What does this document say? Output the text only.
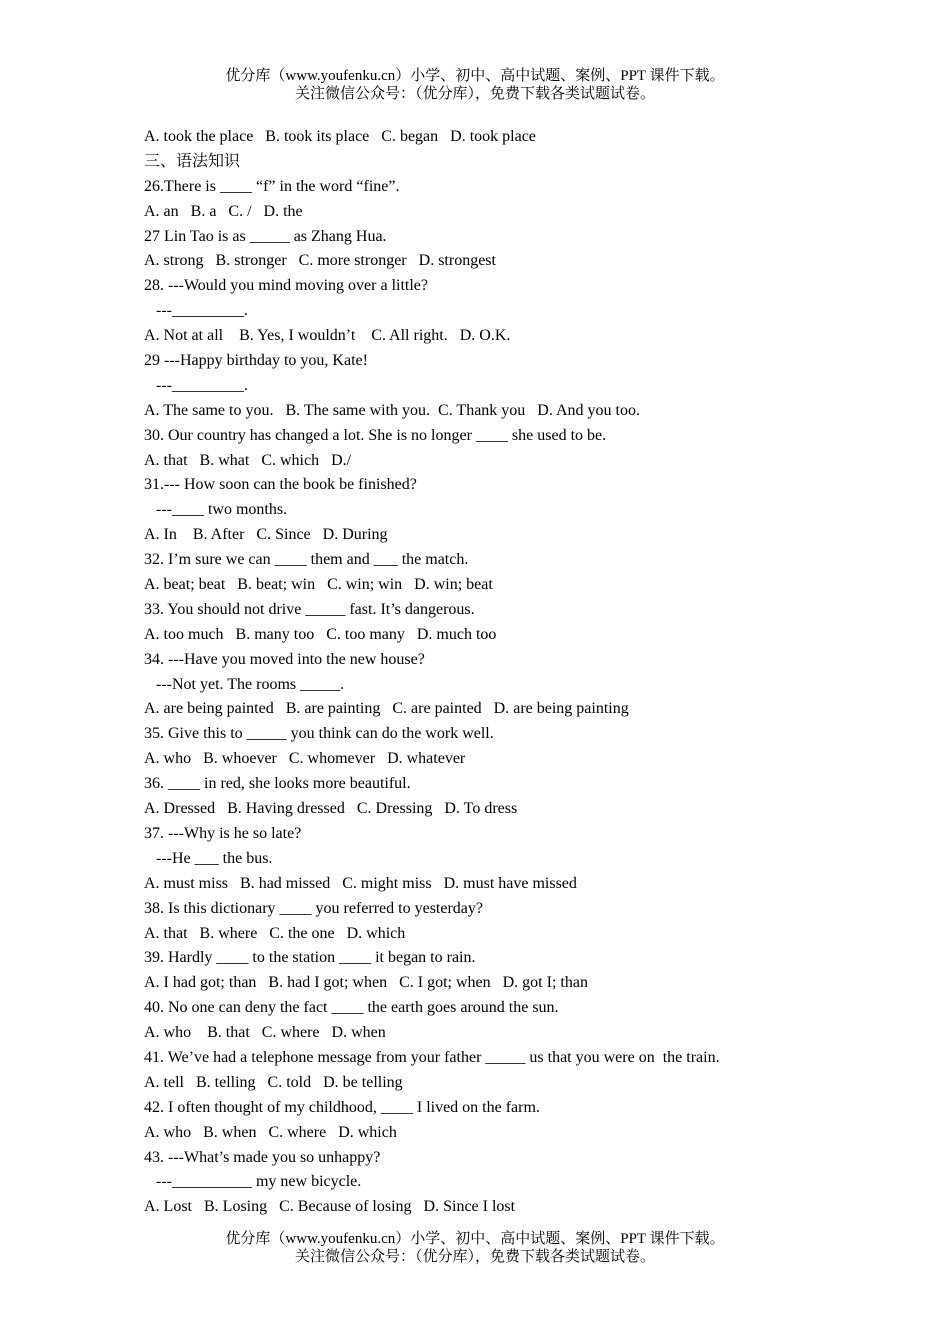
优分库（www.youfenku.cn）小学、初中、高中试题、案例、PPT 课件下载。
关注微信公众号：（优分库），免费下载各类试题试卷。
A. took the place   B. took its place   C. began   D. took place
三、语法知识
26.There is ____ “f” in the word “fine”.
A. an   B. a   C. /   D. the
27 Lin Tao is as _____ as Zhang Hua.
A. strong   B. stronger   C. more stronger   D. strongest
28. ---Would you mind moving over a little?
---_________.
A. Not at all    B. Yes, I wouldn’t    C. All right.   D. O.K.
29 ---Happy birthday to you, Kate!
---_________.
A. The same to you.   B. The same with you.  C. Thank you   D. And you too.
30. Our country has changed a lot. She is no longer ____ she used to be.
A. that   B. what   C. which   D./
31.--- How soon can the book be finished?
---____ two months.
A. In    B. After   C. Since   D. During
32. I’m sure we can ____ them and ___ the match.
A. beat; beat   B. beat; win   C. win; win   D. win; beat
33. You should not drive _____ fast. It’s dangerous.
A. too much   B. many too   C. too many   D. much too
34. ---Have you moved into the new house?
---Not yet. The rooms _____.
A. are being painted   B. are painting   C. are painted   D. are being painting
35. Give this to _____ you think can do the work well.
A. who   B. whoever   C. whomever   D. whatever
36. ____ in red, she looks more beautiful.
A. Dressed   B. Having dressed   C. Dressing   D. To dress
37. ---Why is he so late?
---He ___ the bus.
A. must miss   B. had missed   C. might miss   D. must have missed
38. Is this dictionary ____ you referred to yesterday?
A. that   B. where   C. the one   D. which
39. Hardly ____ to the station ____ it began to rain.
A. I had got; than   B. had I got; when   C. I got; when   D. got I; than
40. No one can deny the fact ____ the earth goes around the sun.
A. who    B. that   C. where   D. when
41. We’ve had a telephone message from your father _____ us that you were on  the train.
A. tell   B. telling   C. told   D. be telling
42. I often thought of my childhood, ____ I lived on the farm.
A. who   B. when   C. where   D. which
43. ---What’s made you so unhappy?
---__________ my new bicycle.
A. Lost   B. Losing   C. Because of losing   D. Since I lost
优分库（www.youfenku.cn）小学、初中、高中试题、案例、PPT 课件下载。
关注微信公众号：（优分库），免费下载各类试题试卷。
